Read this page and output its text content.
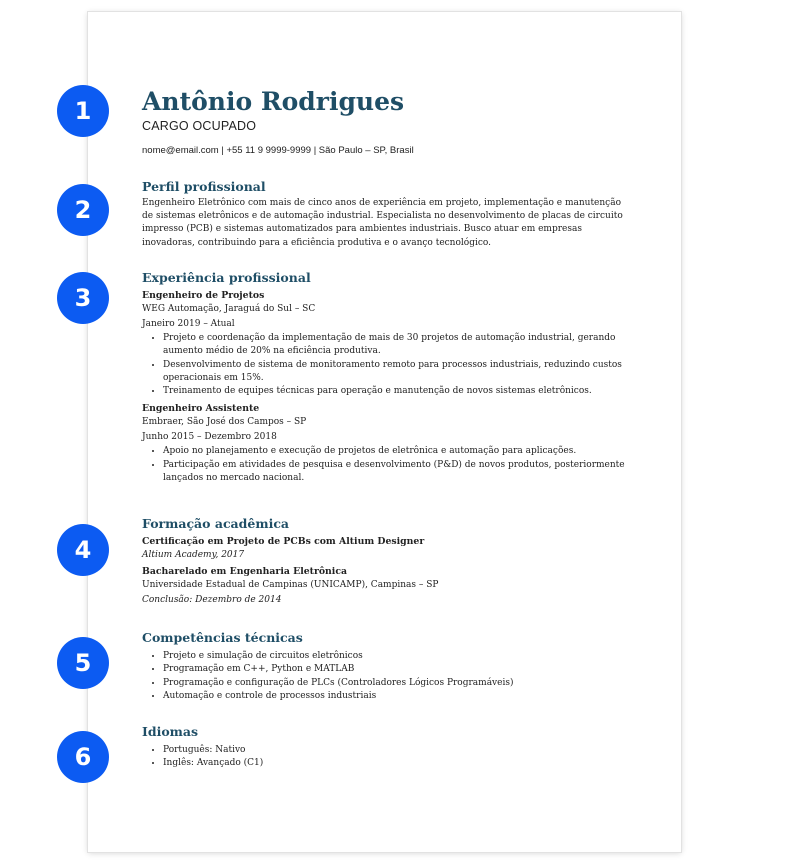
1
2
3
4
5
6
Antônio Rodrigues
CARGO OCUPADO
nome@email.com | +55 11 9 9999-9999 | São Paulo – SP, Brasil
Perfil profissional

Engenheiro Eletrônico com mais de cinco anos de experiência em projeto, implementação e manutenção de sistemas eletrônicos e de automação industrial. Especialista no desenvolvimento de placas de circuito impresso (PCB) e sistemas automatizados para ambientes industriais. Busco atuar em empresas inovadoras, contribuindo para a eficiência produtiva e o avanço tecnológico.

Experiência profissional
Engenheiro de Projetos
WEG Automação, Jaraguá do Sul – SC
Janeiro 2019 – Atual
• Projeto e coordenação da implementação de mais de 30 projetos de automação industrial, gerando aumento médio de 20% na eficiência produtiva.
• Desenvolvimento de sistema de monitoramento remoto para processos industriais, reduzindo custos operacionais em 15%.
• Treinamento de equipes técnicas para operação e manutenção de novos sistemas eletrônicos.
Engenheiro Assistente
Embraer, São José dos Campos – SP
Junho 2015 – Dezembro 2018
• Apoio no planejamento e execução de projetos de eletrônica e automação para aplicações.
• Participação em atividades de pesquisa e desenvolvimento (P&D) de novos produtos, posteriormente lançados no mercado nacional.
Formação acadêmica
Certificação em Projeto de PCBs com Altium Designer
Altium Academy, 2017
Bacharelado em Engenharia Eletrônica
Universidade Estadual de Campinas (UNICAMP), Campinas – SP
Conclusão: Dezembro de 2014
Competências técnicas
• Projeto e simulação de circuitos eletrônicos
• Programação em C++, Python e MATLAB
• Programação e configuração de PLCs (Controladores Lógicos Programáveis)
• Automação e controle de processos industriais
Idiomas
• Português: Nativo
• Inglês: Avançado (C1)
